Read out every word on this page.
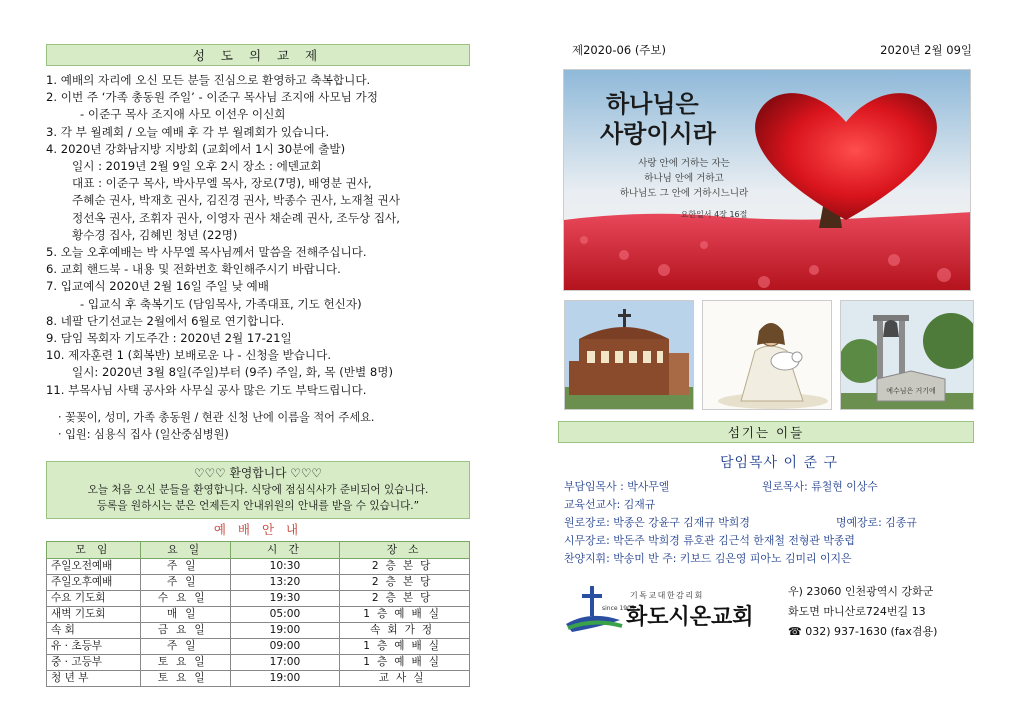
성 도 의 교 제
1. 예배의 자리에 오신 모든 분들 진심으로 환영하고 축복합니다.
2. 이번 주 ‘가족 총동원 주일’ - 이준구 목사님 조지애 사모님 가정
- 이준구 목사 조지애 사모 이선우 이신희
3. 각 부 월례회 / 오늘 예배 후 각 부 월례회가 있습니다.
4. 2020년 강화남지방 지방회 (교회에서 1시 30분에 출발)
일시 : 2019년 2월 9일 오후 2시 장소 : 에덴교회
대표 : 이준구 목사, 박사무엘 목사, 장로(7명), 배영분 권사,
주혜순 권사, 박재호 권사, 김진경 권사, 박종수 권사, 노재철 권사
정선옥 권사, 조휘자 권사, 이영자 권사 채순례 권사, 조두상 집사,
황수경 집사, 김혜빈 청년 (22명)
5. 오늘 오후예배는 박 사무엘 목사님께서 말씀을 전해주십니다.
6. 교회 핸드북 - 내용 및 전화번호 확인해주시기 바랍니다.
7. 입교예식 2020년 2월 16일 주일 낮 예배
- 입교식 후 축복기도 (담임목사, 가족대표, 기도 헌신자)
8. 네팔 단기선교는 2월에서 6월로 연기합니다.
9. 담임 목회자 기도주간 : 2020년 2월 17-21일
10. 제자훈련 1 (회복반) 보배로운 나 - 신청을 받습니다.
일시: 2020년 3월 8일(주일)부터 (9주) 주일, 화, 목 (반별 8명)
11. 부목사님 사택 공사와 사무실 공사 많은 기도 부탁드립니다.
· 꽃꽂이, 성미, 가족 총동원 / 현관 신청 난에 이름을 적어 주세요.
· 입원: 심용식 집사 (일산중심병원)
♡♡♡ 환영합니다 ♡♡♡
오늘 처음 오신 분들을 환영합니다. 식당에 점심식사가 준비되어 있습니다.
등록을 원하시는 분은 언제든지 안내위원의 안내를 받을 수 있습니다.”
예 배 안 내
모 임	요 일	시 간	장 소
주일오전예배	주일	10:30	2층본당
주일오후예배	주일	13:20	2층본당
수요 기도회	수요일	19:30	2층본당
새벽 기도회	매일	05:00	1층예배실
속 회	금요일	19:00	속회가정
유 · 초등부	주일	09:00	1층예배실
중 · 고등부	토요일	17:00	1층예배실
청 년 부	토요일	19:00	교사실
제2020-06 (주보)	2020년 2월 09일
하나님은
사랑이시라
사랑 안에 거하는 자는
하나님 안에 거하고
하나님도 그 안에 거하시느니라
요한일서 4장 16절
예수님은 거기에
섬기는 이들
담임목사 이 준 구
부담임목사 : 박사무엘	원로목사: 류철현 이상수
교육선교사: 김재규
원로장로: 박종은 강윤구 김재규 박희경	명예장로: 김종규
시무장로: 박돈주 박희경 류호관 김근석 한재철 전형관 박종렵
찬양지휘: 박송미 반 주: 키보드 김은영 피아노 김미리 이지은
since 1905
기독교대한감리회
화도시온교회
우) 23060 인천광역시 강화군
화도면 마니산로724번길 13
☎ 032) 937-1630 (fax겸용)
